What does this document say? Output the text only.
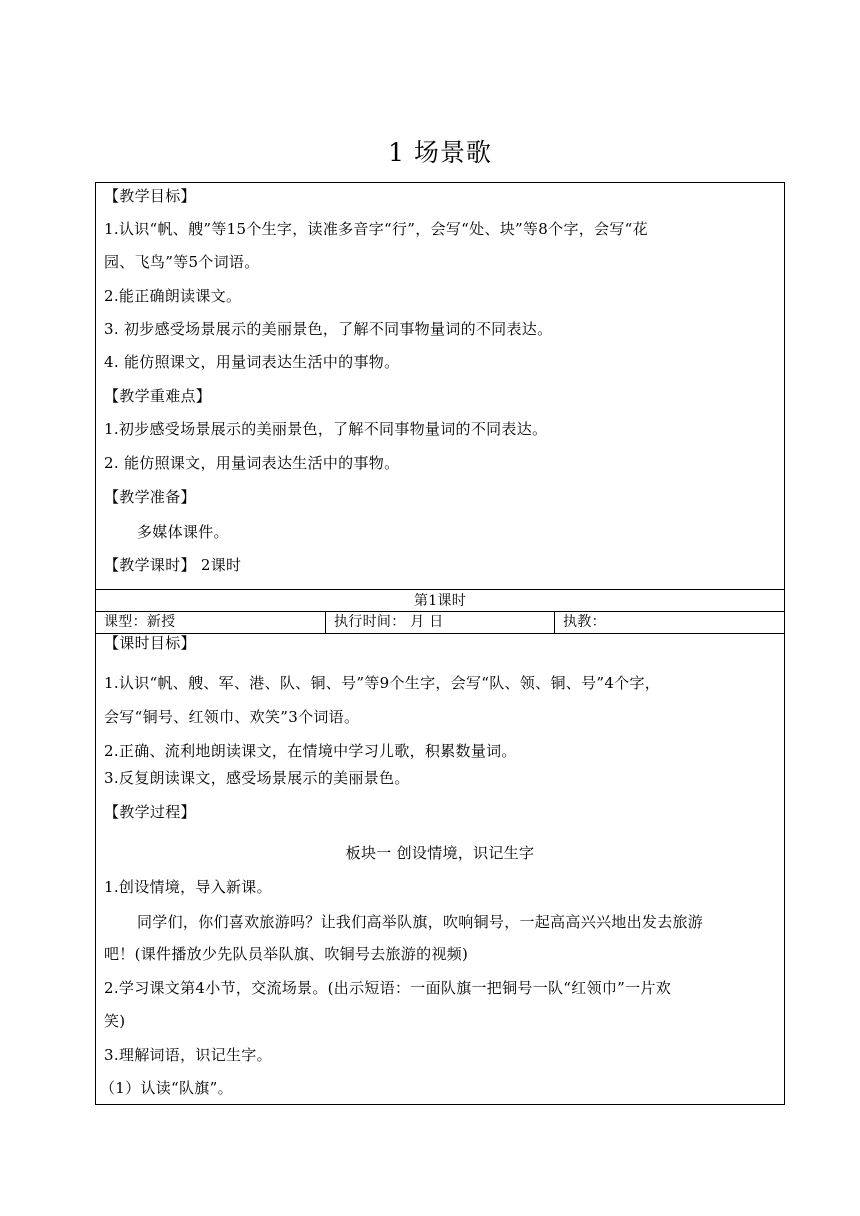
1 场景歌
【教学目标】
1.认识“帆、艘”等15个生字，读准多音字“行”，会写“处、块”等8个字，会写“花
园、飞鸟”等5个词语。
2.能正确朗读课文。
3. 初步感受场景展示的美丽景色，了解不同事物量词的不同表达。
4. 能仿照课文，用量词表达生活中的事物。
【教学重难点】
1.初步感受场景展示的美丽景色，了解不同事物量词的不同表达。
2. 能仿照课文，用量词表达生活中的事物。
【教学准备】
多媒体课件。
【教学课时】 2课时
第1课时
课型：新授	执行时间： 月 日	执教：
【课时目标】
1.认识“帆、艘、军、港、队、铜、号”等9个生字，会写“队、领、铜、号”4个字，
会写“铜号、红领巾、欢笑”3个词语。
2.正确、流利地朗读课文，在情境中学习儿歌，积累数量词。
3.反复朗读课文，感受场景展示的美丽景色。
【教学过程】
板块一 创设情境，识记生字
1.创设情境，导入新课。
同学们，你们喜欢旅游吗？让我们高举队旗，吹响铜号，一起高高兴兴地出发去旅游
吧！(课件播放少先队员举队旗、吹铜号去旅游的视频)
2.学习课文第4小节，交流场景。(出示短语：一面队旗一把铜号一队“红领巾”一片欢
笑)
3.理解词语，识记生字。
（1）认读“队旗”。
